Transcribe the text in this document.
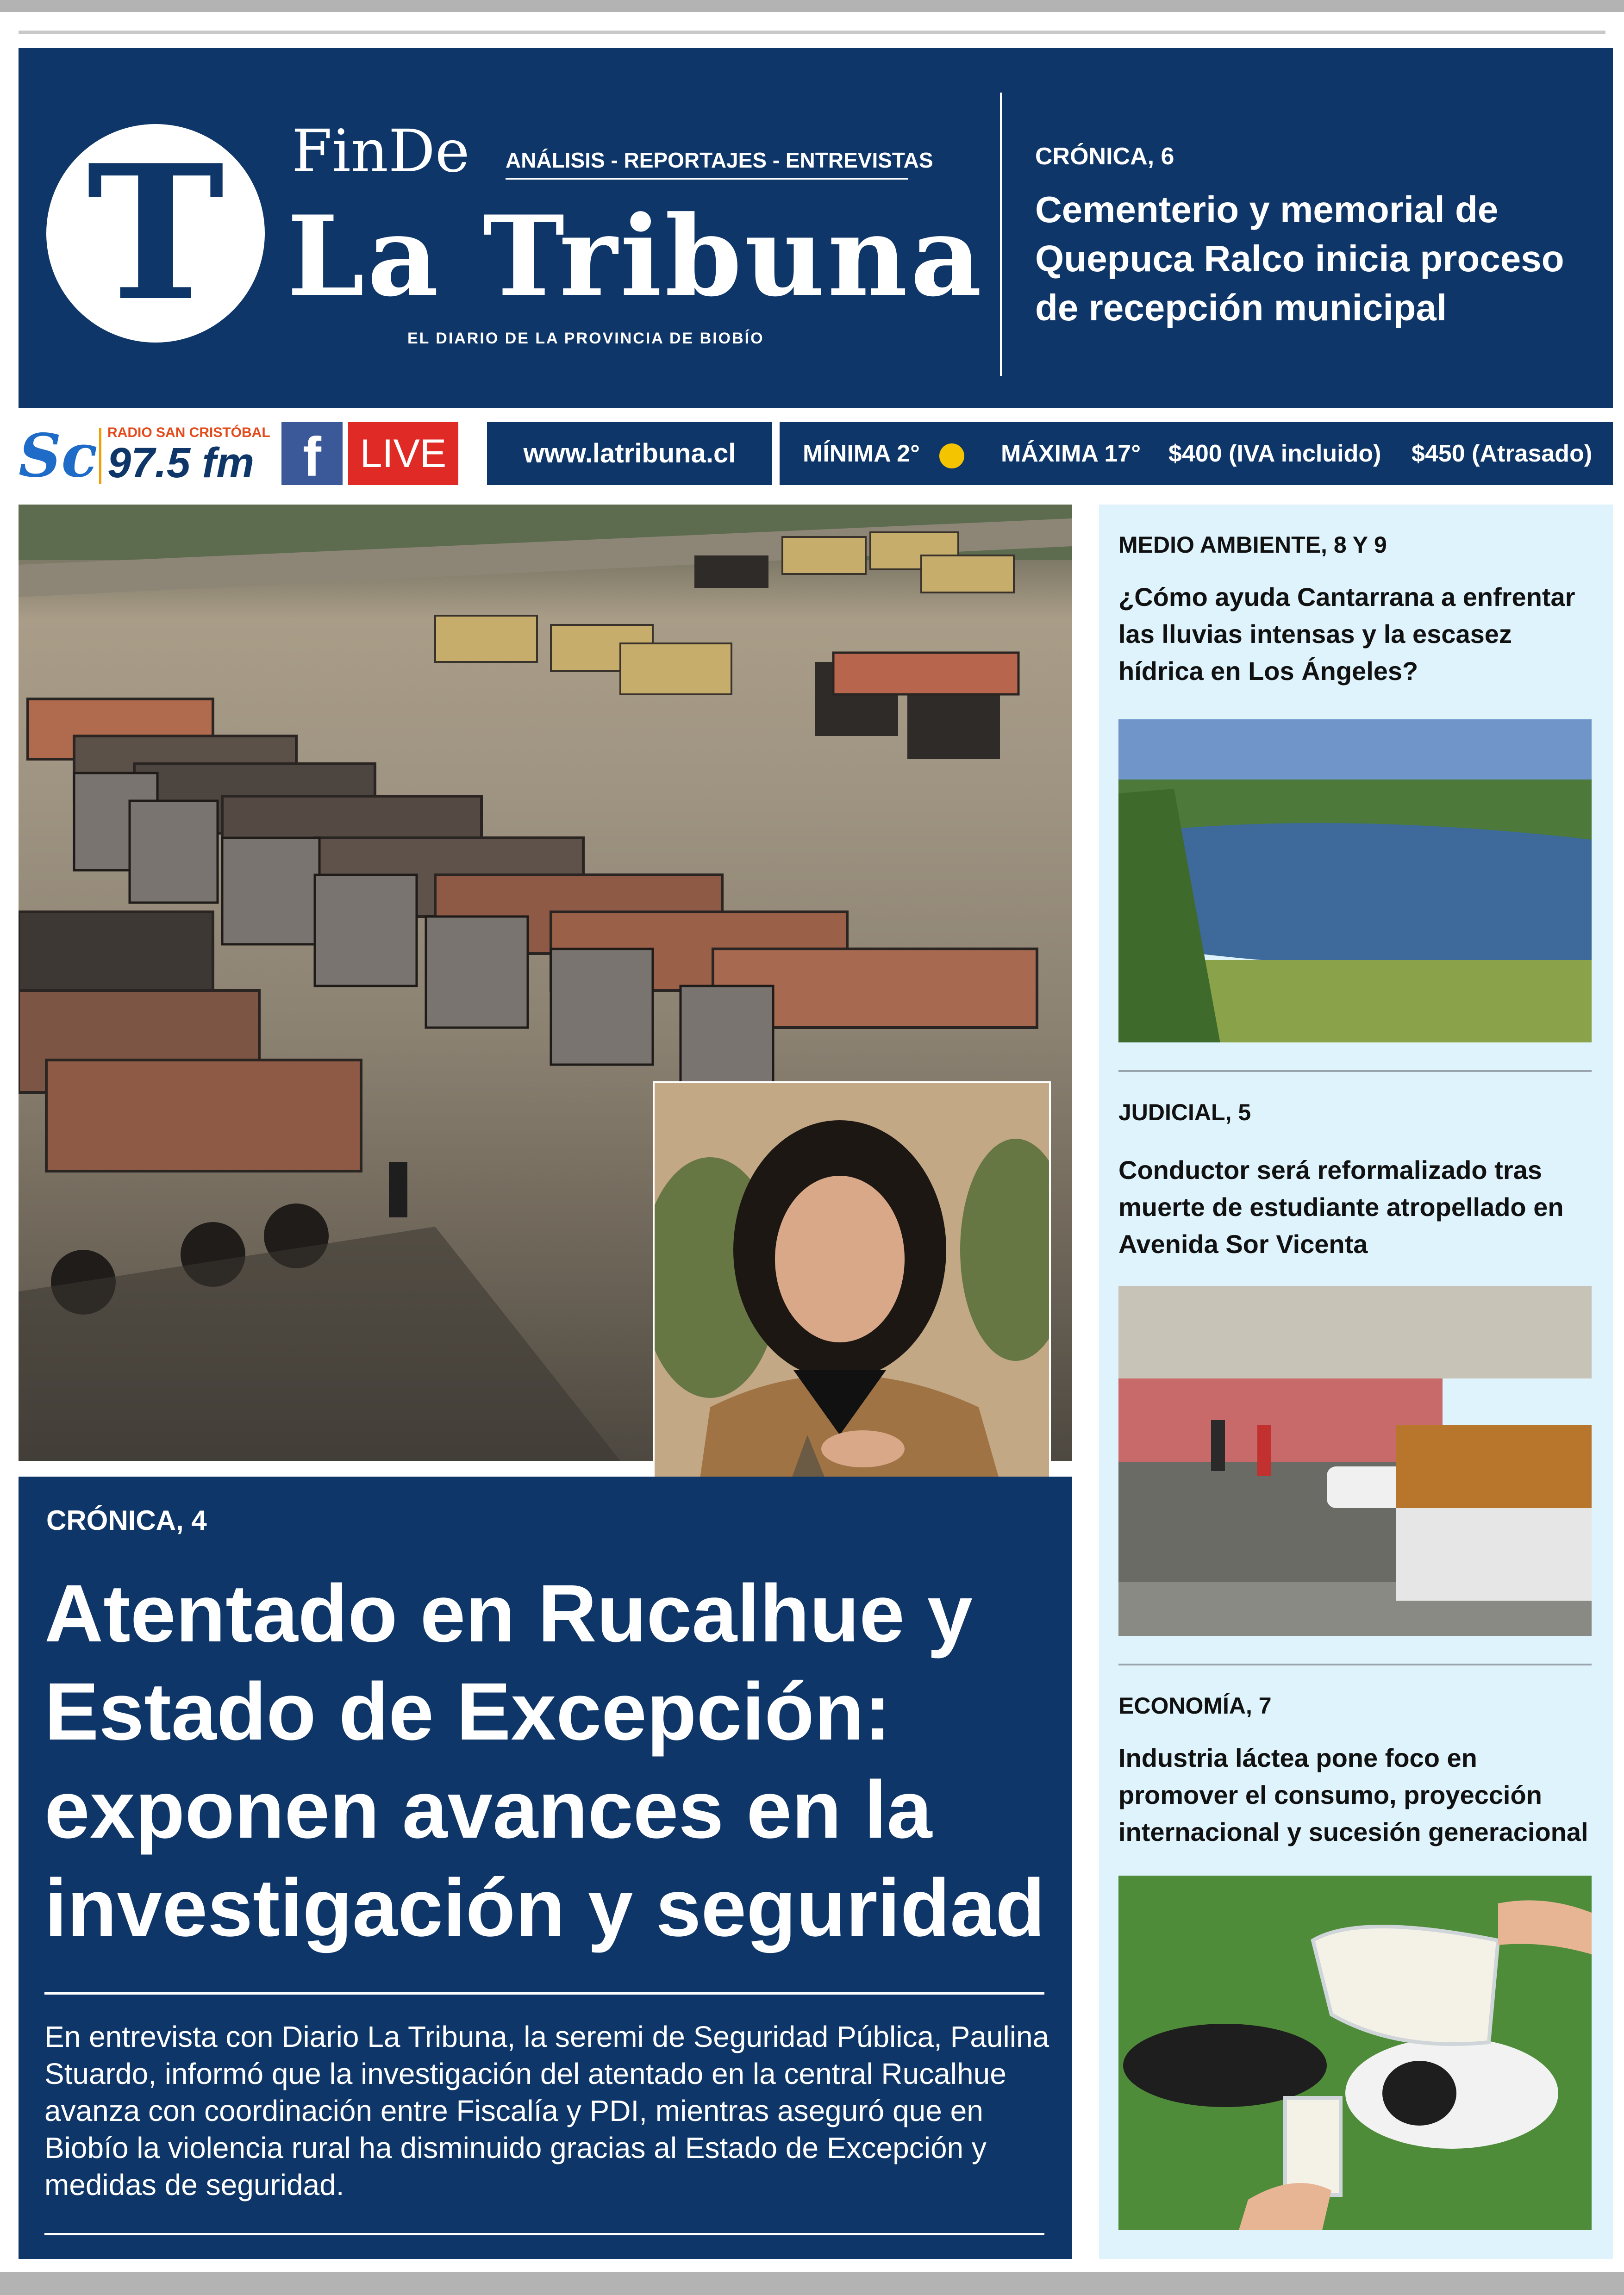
T	FinDe ANÁLISIS - REPORTAJES - ENTREVISTAS
La Tribuna
EL DIARIO DE LA PROVINCIA DE BIOBÍO
CRÓNICA, 6
Cementerio y memorial de Quepuca Ralco inicia proceso de recepción municipal
Sc RADIO SAN CRISTÓBAL
97.5 fm f LIVE	www.latribuna.cl	MÍNIMA 2°	MÁXIMA 17° $400 (IVA incluido) $450 (Atrasado)
CRÓNICA, 4
Atentado en Rucalhue y Estado de Excepción: exponen avances en la investigación y seguridad
En entrevista con Diario La Tribuna, la seremi de Seguridad Pública, Paulina Stuardo, informó que la investigación del atentado en la central Rucalhue avanza con coordinación entre Fiscalía y PDI, mientras aseguró que en Biobío la violencia rural ha disminuido gracias al Estado de Excepción y medidas de seguridad.
MEDIO AMBIENTE, 8 Y 9
¿Cómo ayuda Cantarrana a enfrentar las lluvias intensas y la escasez hídrica en Los Ángeles?
JUDICIAL, 5
Conductor será reformalizado tras muerte de estudiante atropellado en Avenida Sor Vicenta
ECONOMÍA, 7
Industria láctea pone foco en promover el consumo, proyección internacional y sucesión generacional
